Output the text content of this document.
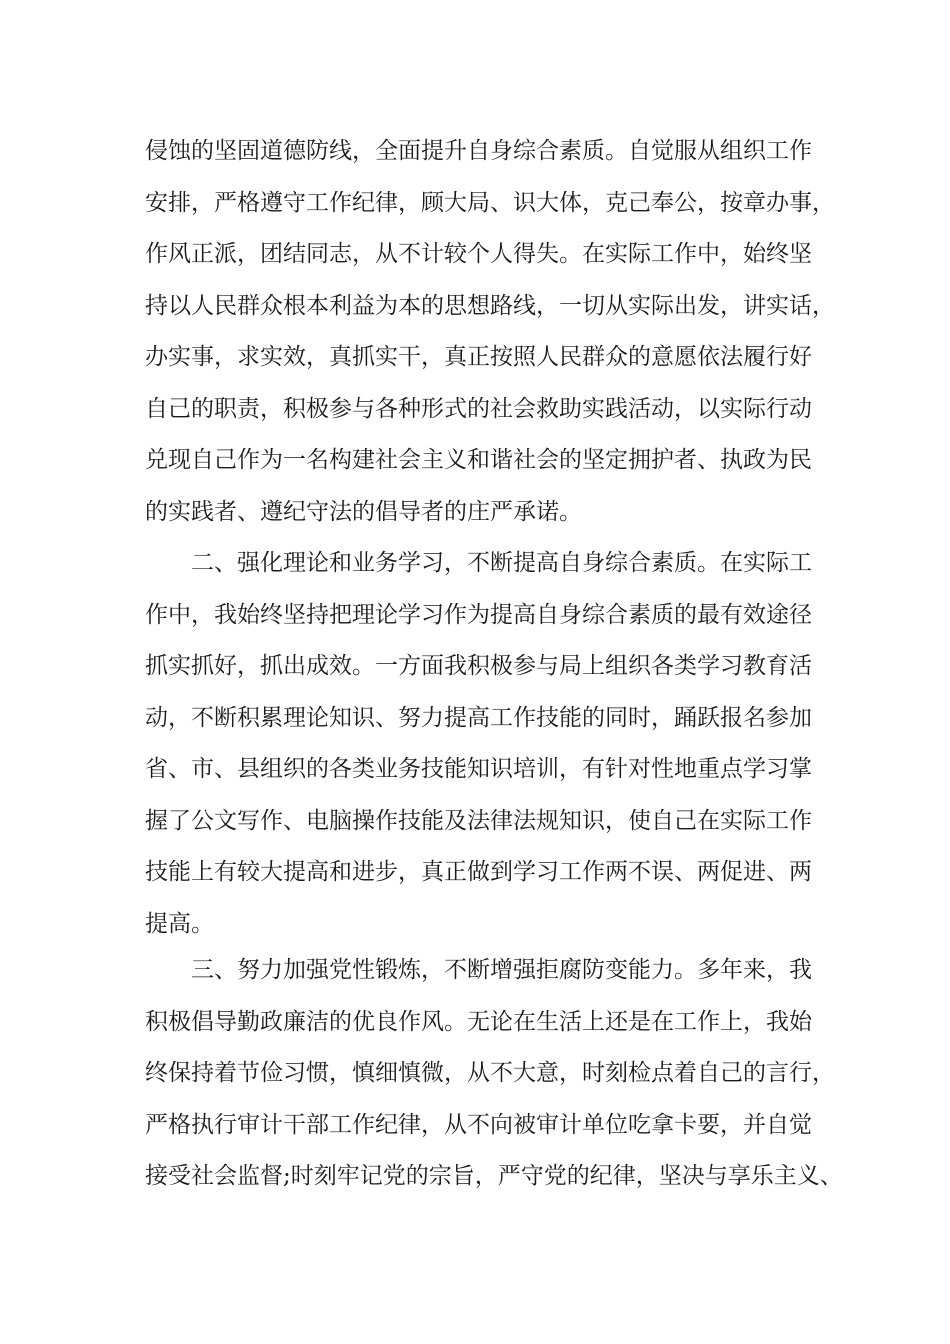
侵蚀的坚固道德防线，全面提升自身综合素质。自觉服从组织工作
安排，严格遵守工作纪律，顾大局、识大体，克己奉公，按章办事，
作风正派，团结同志，从不计较个人得失。在实际工作中，始终坚
持以人民群众根本利益为本的思想路线，一切从实际出发，讲实话，
办实事，求实效，真抓实干，真正按照人民群众的意愿依法履行好
自己的职责，积极参与各种形式的社会救助实践活动，以实际行动
兑现自己作为一名构建社会主义和谐社会的坚定拥护者、执政为民
的实践者、遵纪守法的倡导者的庄严承诺。
　　二、强化理论和业务学习，不断提高自身综合素质。在实际工
作中，我始终坚持把理论学习作为提高自身综合素质的最有效途径
抓实抓好，抓出成效。一方面我积极参与局上组织各类学习教育活
动，不断积累理论知识、努力提高工作技能的同时，踊跃报名参加
省、市、县组织的各类业务技能知识培训，有针对性地重点学习掌
握了公文写作、电脑操作技能及法律法规知识，使自己在实际工作
技能上有较大提高和进步，真正做到学习工作两不误、两促进、两
提高。
　　三、努力加强党性锻炼，不断增强拒腐防变能力。多年来，我
积极倡导勤政廉洁的优良作风。无论在生活上还是在工作上，我始
终保持着节俭习惯，慎细慎微，从不大意，时刻检点着自己的言行，
严格执行审计干部工作纪律，从不向被审计单位吃拿卡要，并自觉
接受社会监督;时刻牢记党的宗旨，严守党的纪律，坚决与享乐主义、
